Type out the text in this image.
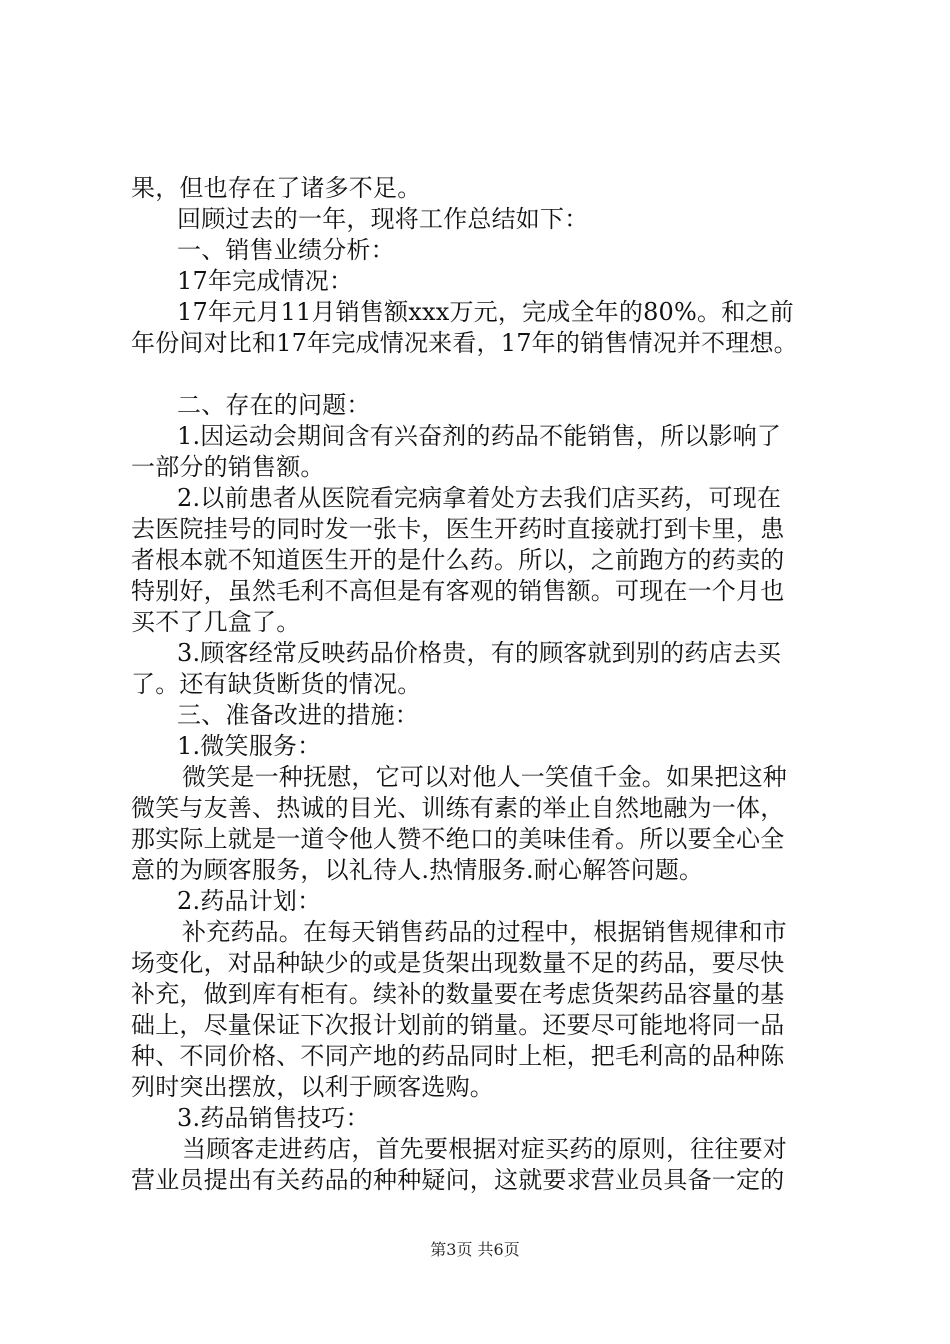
果，但也存在了诸多不足。
回顾过去的一年，现将工作总结如下：
一、销售业绩分析：
17年完成情况：
17年元月11月销售额xxx万元，完成全年的80%。和之前
年份间对比和17年完成情况来看，17年的销售情况并不理想。
二、存在的问题：
1.因运动会期间含有兴奋剂的药品不能销售，所以影响了
一部分的销售额。
2.以前患者从医院看完病拿着处方去我们店买药，可现在
去医院挂号的同时发一张卡，医生开药时直接就打到卡里，患
者根本就不知道医生开的是什么药。所以，之前跑方的药卖的
特别好，虽然毛利不高但是有客观的销售额。可现在一个月也
买不了几盒了。
3.顾客经常反映药品价格贵，有的顾客就到别的药店去买
了。还有缺货断货的情况。
三、准备改进的措施：
1.微笑服务：
微笑是一种抚慰，它可以对他人一笑值千金。如果把这种
微笑与友善、热诚的目光、训练有素的举止自然地融为一体，
那实际上就是一道令他人赞不绝口的美味佳肴。所以要全心全
意的为顾客服务，以礼待人.热情服务.耐心解答问题。
2.药品计划：
补充药品。在每天销售药品的过程中，根据销售规律和市
场变化，对品种缺少的或是货架出现数量不足的药品，要尽快
补充，做到库有柜有。续补的数量要在考虑货架药品容量的基
础上，尽量保证下次报计划前的销量。还要尽可能地将同一品
种、不同价格、不同产地的药品同时上柜，把毛利高的品种陈
列时突出摆放，以利于顾客选购。
3.药品销售技巧：
当顾客走进药店，首先要根据对症买药的原则，往往要对
营业员提出有关药品的种种疑问，这就要求营业员具备一定的
第3页 共6页
